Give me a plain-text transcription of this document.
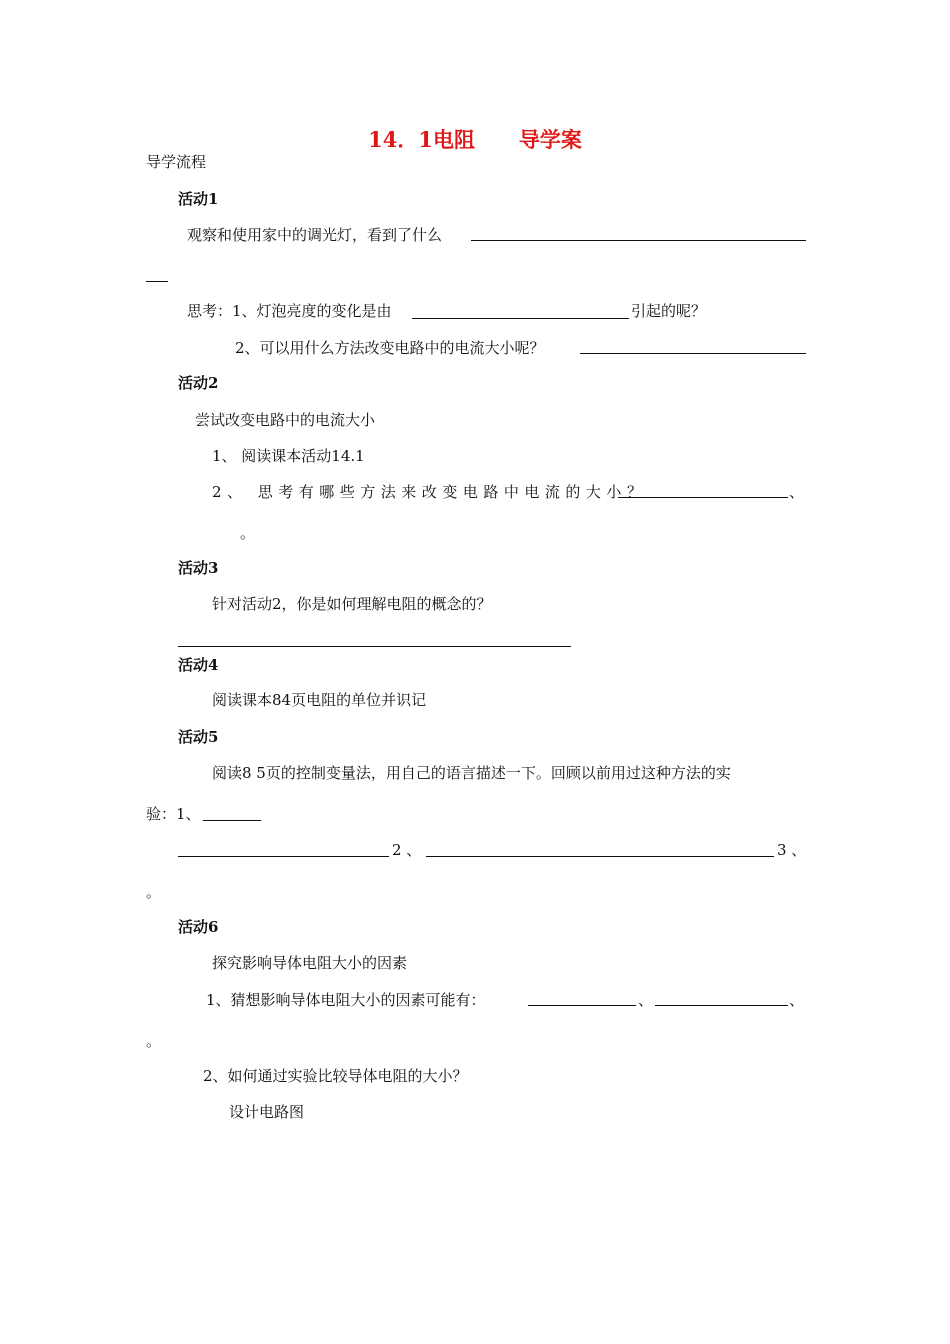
14．1电阻      导学案
导学流程
活动1
观察和使用家中的调光灯，看到了什么
思考：1、灯泡亮度的变化是由	引起的呢？
2、可以用什么方法改变电路中的电流大小呢？
活动2
尝试改变电路中的电流大小
1、 阅读课本活动14.1
2、 思考有哪些方法来改变电路中电流的大小？	、
。
活动3
针对活动2，你是如何理解电阻的概念的？
活动4
阅读课本84页电阻的单位并识记
活动5
阅读8 5页的控制变量法，用自己的语言描述一下。回顾以前用过这种方法的实
验：1、
2 、	3 、
。
活动6
探究影响导体电阻大小的因素
1、猜想影响导体电阻大小的因素可能有：	、	、
。
2、如何通过实验比较导体电阻的大小？
设计电路图
